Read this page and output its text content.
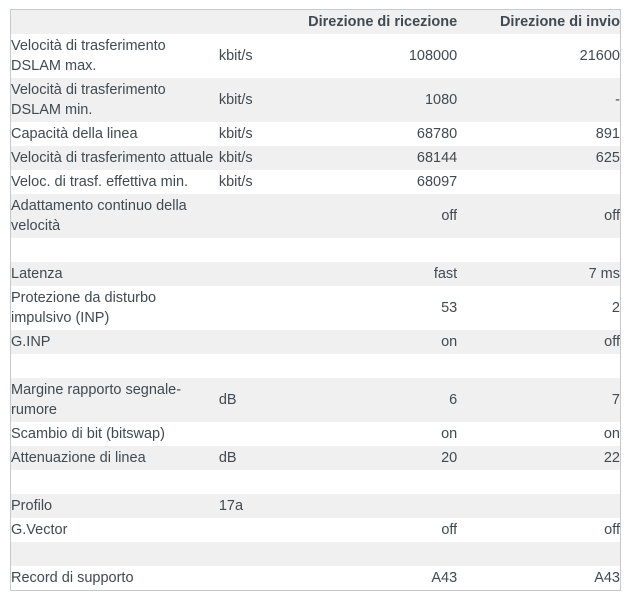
		Direzione di ricezione	Direzione di invio
Velocità di trasferimento DSLAM max.	kbit/s	108000	21600
Velocità di trasferimento DSLAM min.	kbit/s	1080	-
Capacità della linea	kbit/s	68780	891
Velocità di trasferimento attuale	kbit/s	68144	625
Veloc. di trasf. effettiva min.	kbit/s	68097	
Adattamento continuo della velocità		off	off

Latenza		fast	7 ms
Protezione da disturbo impulsivo (INP)		53	2
G.INP		on	off

Margine rapporto segnale-rumore	dB	6	7
Scambio di bit (bitswap)		on	on
Attenuazione di linea	dB	20	22

Profilo	17a		
G.Vector		off	off

Record di supporto		A43	A43
